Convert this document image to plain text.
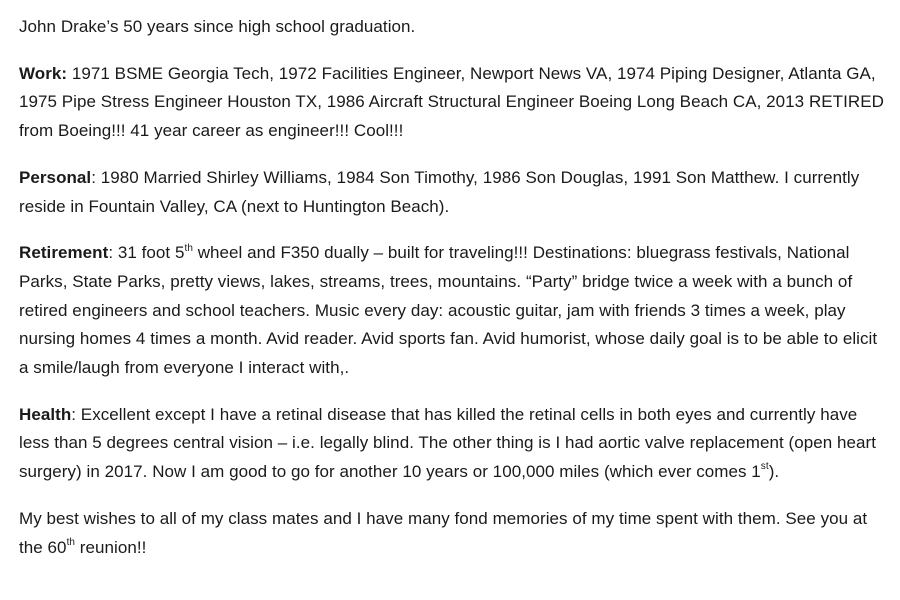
John Drake’s 50 years since high school graduation.

Work: 1971 BSME Georgia Tech, 1972 Facilities Engineer, Newport News VA, 1974 Piping Designer, Atlanta GA, 1975 Pipe Stress Engineer Houston TX, 1986 Aircraft Structural Engineer Boeing Long Beach CA, 2013 RETIRED from Boeing!!! 41 year career as engineer!!! Cool!!!

Personal: 1980 Married Shirley Williams, 1984 Son Timothy, 1986 Son Douglas, 1991 Son Matthew. I currently reside in Fountain Valley, CA (next to Huntington Beach).

Retirement: 31 foot 5th wheel and F350 dually – built for traveling!!! Destinations: bluegrass festivals, National Parks, State Parks, pretty views, lakes, streams, trees, mountains. “Party” bridge twice a week with a bunch of retired engineers and school teachers. Music every day: acoustic guitar, jam with friends 3 times a week, play nursing homes 4 times a month. Avid reader. Avid sports fan. Avid humorist, whose daily goal is to be able to elicit a smile/laugh from everyone I interact with,.

Health: Excellent except I have a retinal disease that has killed the retinal cells in both eyes and currently have less than 5 degrees central vision – i.e. legally blind. The other thing is I had aortic valve replacement (open heart surgery) in 2017. Now I am good to go for another 10 years or 100,000 miles (which ever comes 1st).

My best wishes to all of my class mates and I have many fond memories of my time spent with them. See you at the 60th reunion!!
